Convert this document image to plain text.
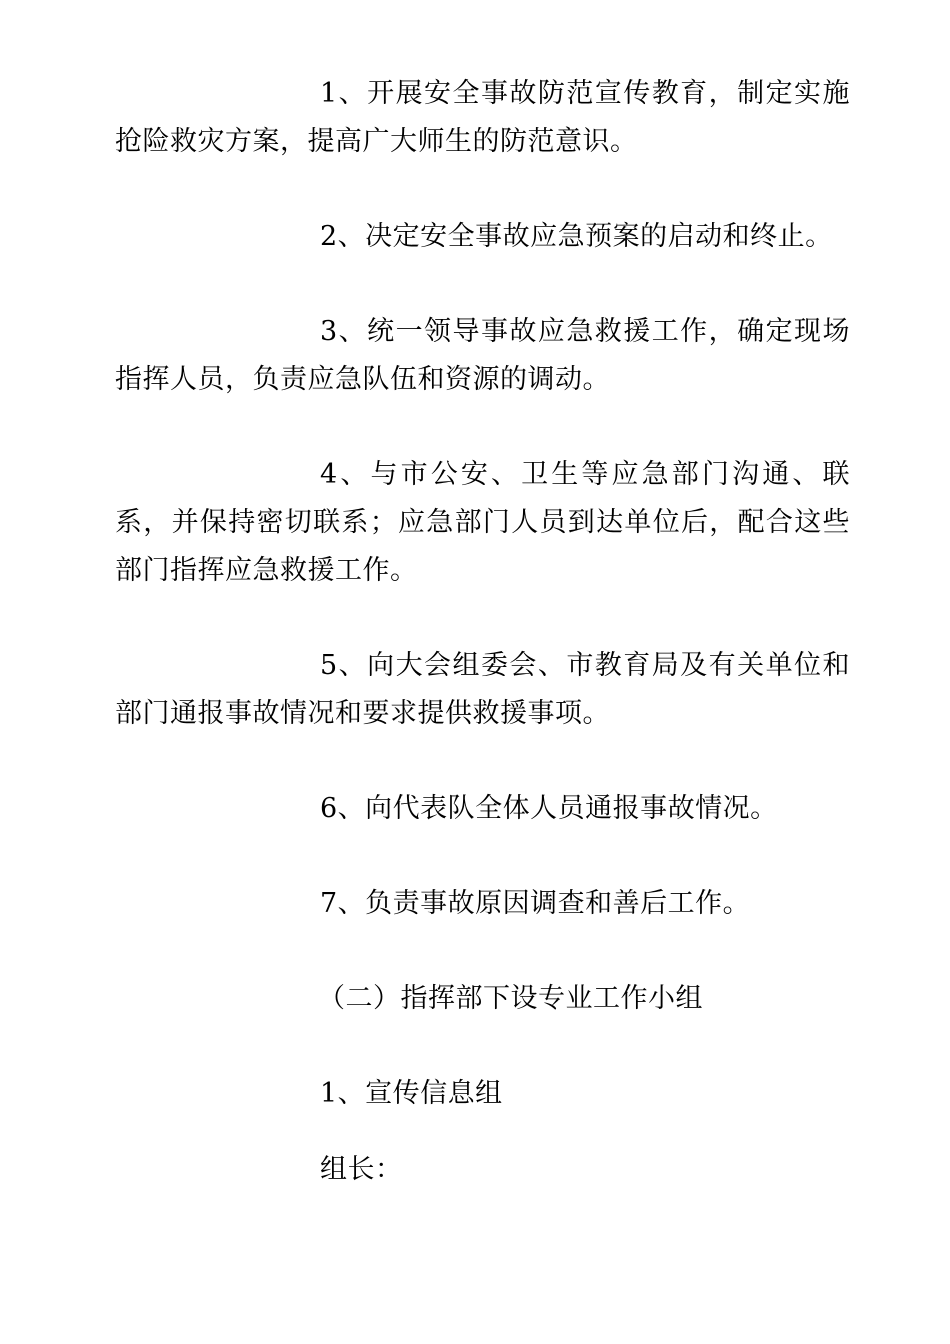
1、开展安全事故防范宣传教育，制定实施抢险救灾方案，提高广大师生的防范意识。

2、决定安全事故应急预案的启动和终止。

3、统一领导事故应急救援工作，确定现场指挥人员，负责应急队伍和资源的调动。

4、与市公安、卫生等应急部门沟通、联系，并保持密切联系；应急部门人员到达单位后，配合这些部门指挥应急救援工作。

5、向大会组委会、市教育局及有关单位和部门通报事故情况和要求提供救援事项。

6、向代表队全体人员通报事故情况。

7、负责事故原因调查和善后工作。

（二）指挥部下设专业工作小组

1、宣传信息组

组长：
